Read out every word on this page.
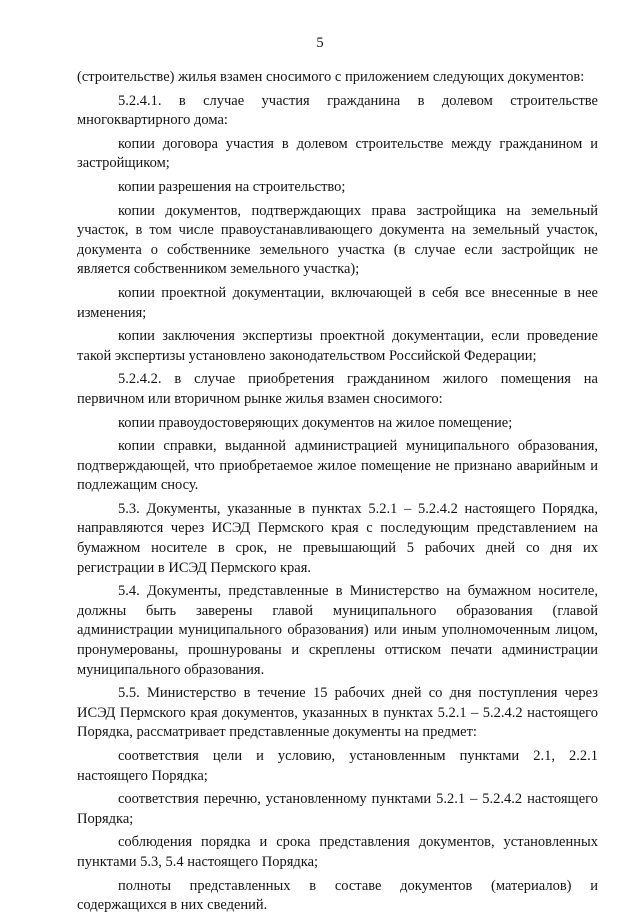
5

(строительстве) жилья взамен сносимого с приложением следующих документов:

5.2.4.1. в случае участия гражданина в долевом строительстве многоквартирного дома:

копии договора участия в долевом строительстве между гражданином и застройщиком;

копии разрешения на строительство;

копии документов, подтверждающих права застройщика на земельный участок, в том числе правоустанавливающего документа на земельный участок, документа о собственнике земельного участка (в случае если застройщик не является собственником земельного участка);

копии проектной документации, включающей в себя все внесенные в нее изменения;

копии заключения экспертизы проектной документации, если проведение такой экспертизы установлено законодательством Российской Федерации;

5.2.4.2. в случае приобретения гражданином жилого помещения на первичном или вторичном рынке жилья взамен сносимого:

копии правоудостоверяющих документов на жилое помещение;

копии справки, выданной администрацией муниципального образования, подтверждающей, что приобретаемое жилое помещение не признано аварийным и подлежащим сносу.

5.3. Документы, указанные в пунктах 5.2.1 – 5.2.4.2 настоящего Порядка, направляются через ИСЭД Пермского края с последующим представлением на бумажном носителе в срок, не превышающий 5 рабочих дней со дня их регистрации в ИСЭД Пермского края.

5.4. Документы, представленные в Министерство на бумажном носителе, должны быть заверены главой муниципального образования (главой администрации муниципального образования) или иным уполномоченным лицом, пронумерованы, прошнурованы и скреплены оттиском печати администрации муниципального образования.

5.5. Министерство в течение 15 рабочих дней со дня поступления через ИСЭД Пермского края документов, указанных в пунктах 5.2.1 – 5.2.4.2 настоящего Порядка, рассматривает представленные документы на предмет:

соответствия цели и условию, установленным пунктами 2.1, 2.2.1 настоящего Порядка;

соответствия перечню, установленному пунктами 5.2.1 – 5.2.4.2 настоящего Порядка;

соблюдения порядка и срока представления документов, установленных пунктами 5.3, 5.4 настоящего Порядка;

полноты представленных в составе документов (материалов) и содержащихся в них сведений.
